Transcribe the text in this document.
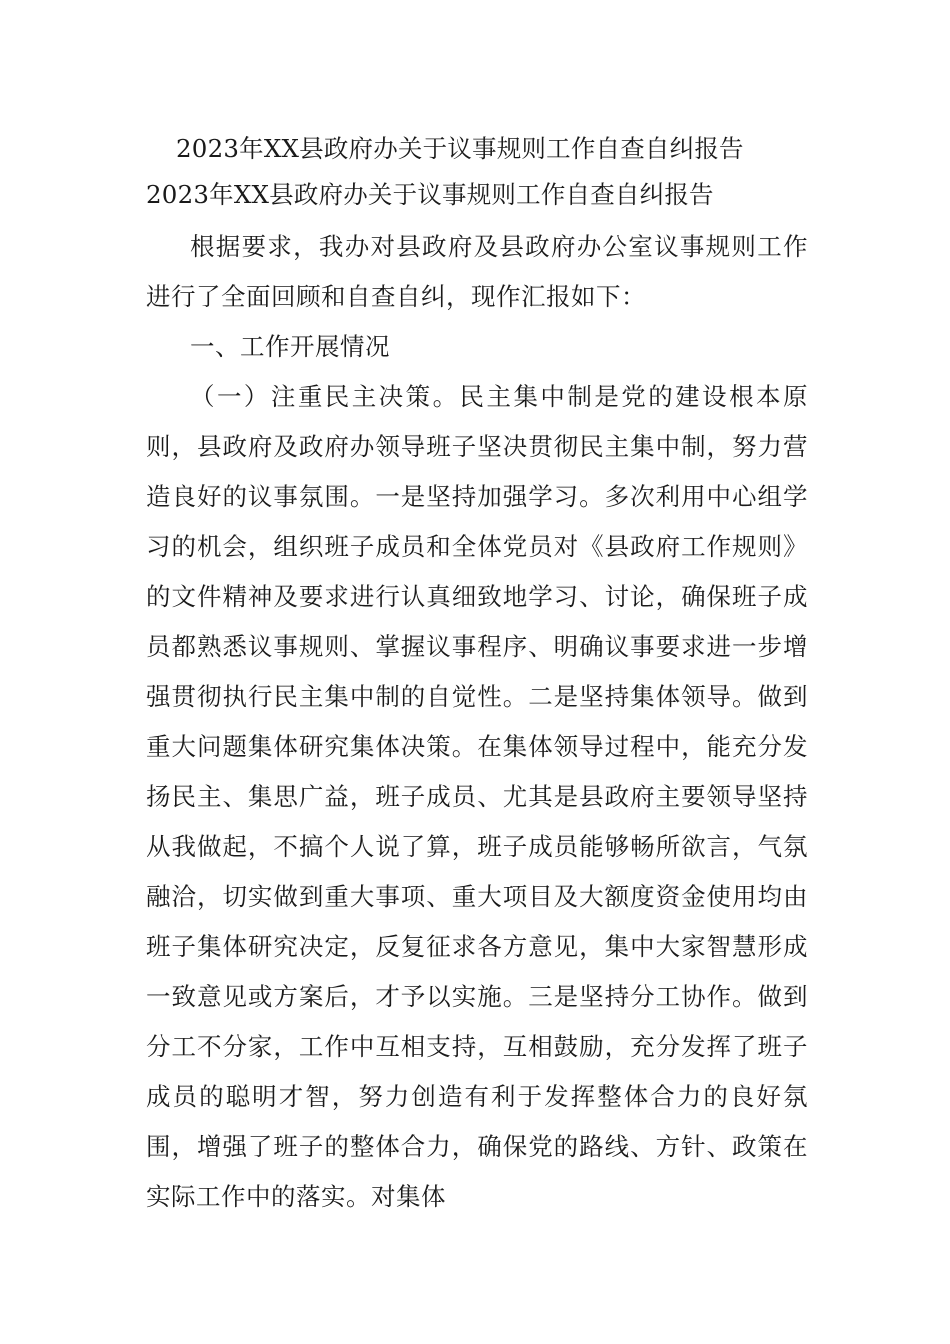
2023年XX县政府办关于议事规则工作自查自纠报告
2023年XX县政府办关于议事规则工作自查自纠报告

根据要求，我办对县政府及县政府办公室议事规则工作进行了全面回顾和自查自纠，现作汇报如下：

一、工作开展情况

（一）注重民主决策。民主集中制是党的建设根本原则，县政府及政府办领导班子坚决贯彻民主集中制，努力营造良好的议事氛围。一是坚持加强学习。多次利用中心组学习的机会，组织班子成员和全体党员对《县政府工作规则》的文件精神及要求进行认真细致地学习、讨论，确保班子成员都熟悉议事规则、掌握议事程序、明确议事要求进一步增强贯彻执行民主集中制的自觉性。二是坚持集体领导。做到重大问题集体研究集体决策。在集体领导过程中，能充分发扬民主、集思广益，班子成员、尤其是县政府主要领导坚持从我做起，不搞个人说了算，班子成员能够畅所欲言，气氛融洽，切实做到重大事项、重大项目及大额度资金使用均由班子集体研究决定，反复征求各方意见，集中大家智慧形成一致意见或方案后，才予以实施。三是坚持分工协作。做到分工不分家，工作中互相支持，互相鼓励，充分发挥了班子成员的聪明才智，努力创造有利于发挥整体合力的良好氛围，增强了班子的整体合力，确保党的路线、方针、政策在实际工作中的落实。对集体
